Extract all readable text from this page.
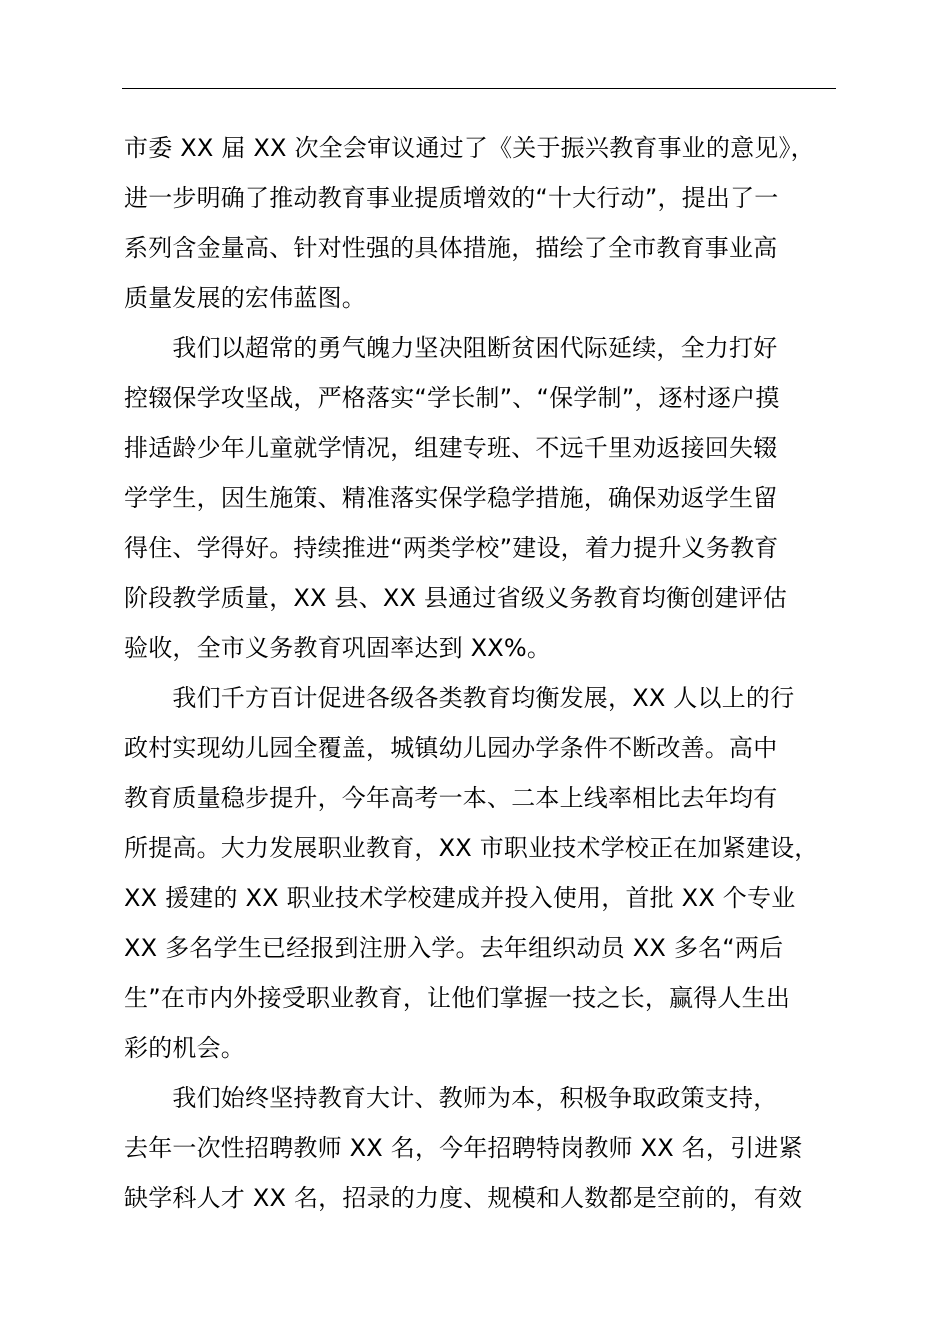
市委 XX 届 XX 次全会审议通过了《关于振兴教育事业的意见》，
进一步明确了推动教育事业提质增效的“十大行动”，提出了一
系列含金量高、针对性强的具体措施，描绘了全市教育事业高
质量发展的宏伟蓝图。
　　我们以超常的勇气魄力坚决阻断贫困代际延续，全力打好
控辍保学攻坚战，严格落实“学长制”、“保学制”，逐村逐户摸
排适龄少年儿童就学情况，组建专班、不远千里劝返接回失辍
学学生，因生施策、精准落实保学稳学措施，确保劝返学生留
得住、学得好。持续推进“两类学校”建设，着力提升义务教育
阶段教学质量，XX 县、XX 县通过省级义务教育均衡创建评估
验收，全市义务教育巩固率达到 XX%。
　　我们千方百计促进各级各类教育均衡发展，XX 人以上的行
政村实现幼儿园全覆盖，城镇幼儿园办学条件不断改善。高中
教育质量稳步提升，今年高考一本、二本上线率相比去年均有
所提高。大力发展职业教育，XX 市职业技术学校正在加紧建设，
XX 援建的 XX 职业技术学校建成并投入使用，首批 XX 个专业
XX 多名学生已经报到注册入学。去年组织动员 XX 多名“两后
生”在市内外接受职业教育，让他们掌握一技之长，赢得人生出
彩的机会。
　　我们始终坚持教育大计、教师为本，积极争取政策支持，
去年一次性招聘教师 XX 名，今年招聘特岗教师 XX 名，引进紧
缺学科人才 XX 名，招录的力度、规模和人数都是空前的，有效
